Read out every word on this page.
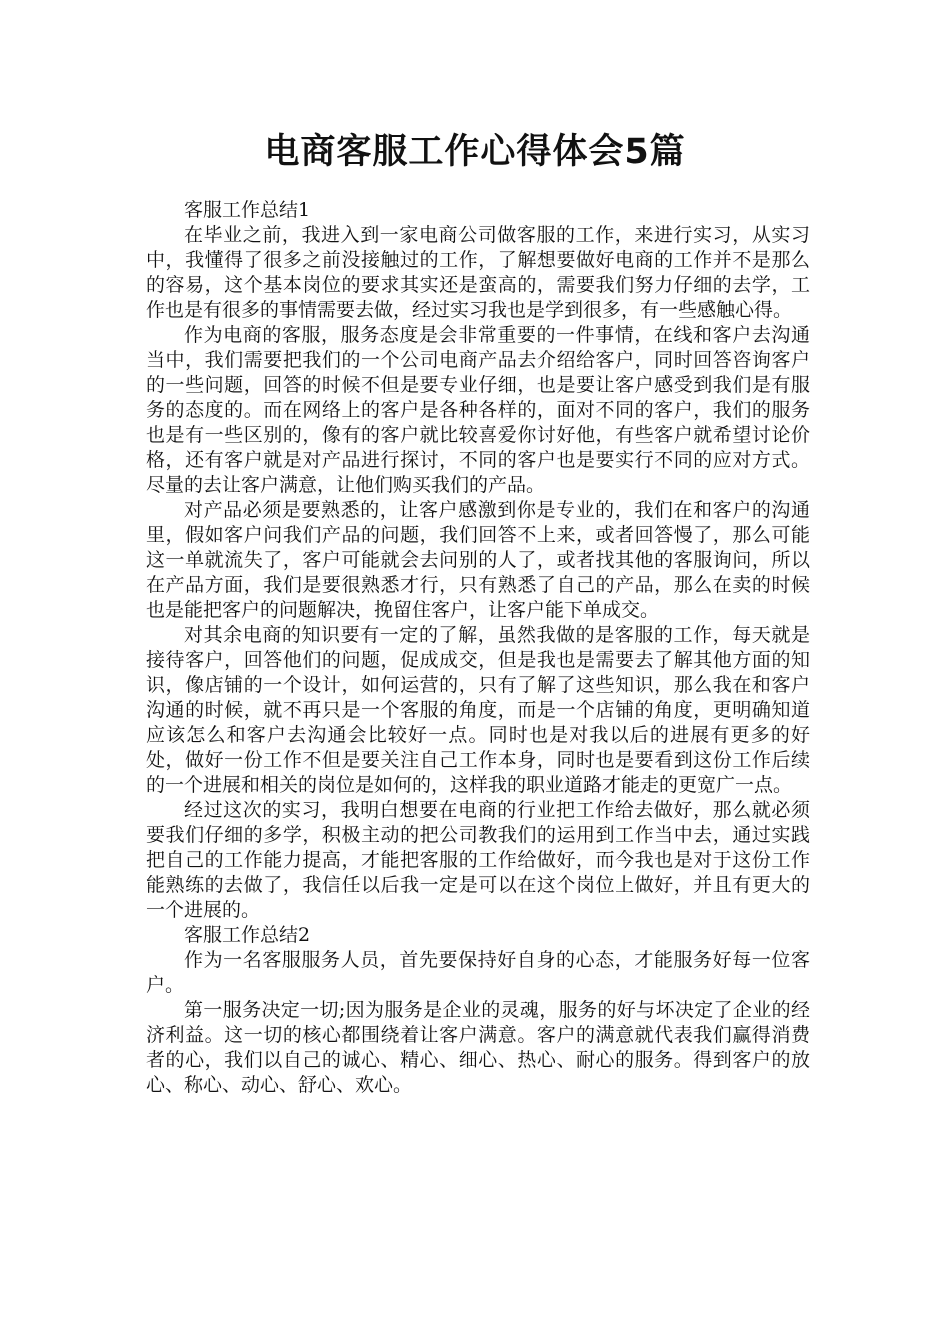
电商客服工作心得体会5篇

客服工作总结1

在毕业之前，我进入到一家电商公司做客服的工作，来进行实习，从实习中，我懂得了很多之前没接触过的工作，了解想要做好电商的工作并不是那么的容易，这个基本岗位的要求其实还是蛮高的，需要我们努力仔细的去学，工作也是有很多的事情需要去做，经过实习我也是学到很多，有一些感触心得。

作为电商的客服，服务态度是会非常重要的一件事情，在线和客户去沟通当中，我们需要把我们的一个公司电商产品去介绍给客户，同时回答咨询客户的一些问题，回答的时候不但是要专业仔细，也是要让客户感受到我们是有服务的态度的。而在网络上的客户是各种各样的，面对不同的客户，我们的服务也是有一些区别的，像有的客户就比较喜爱你讨好他，有些客户就希望讨论价格，还有客户就是对产品进行探讨，不同的客户也是要实行不同的应对方式。尽量的去让客户满意，让他们购买我们的产品。

对产品必须是要熟悉的，让客户感激到你是专业的，我们在和客户的沟通里，假如客户问我们产品的问题，我们回答不上来，或者回答慢了，那么可能这一单就流失了，客户可能就会去问别的人了，或者找其他的客服询问，所以在产品方面，我们是要很熟悉才行，只有熟悉了自己的产品，那么在卖的时候也是能把客户的问题解决，挽留住客户，让客户能下单成交。

对其余电商的知识要有一定的了解，虽然我做的是客服的工作，每天就是接待客户，回答他们的问题，促成成交，但是我也是需要去了解其他方面的知识，像店铺的一个设计，如何运营的，只有了解了这些知识，那么我在和客户沟通的时候，就不再只是一个客服的角度，而是一个店铺的角度，更明确知道应该怎么和客户去沟通会比较好一点。同时也是对我以后的进展有更多的好处，做好一份工作不但是要关注自己工作本身，同时也是要看到这份工作后续的一个进展和相关的岗位是如何的，这样我的职业道路才能走的更宽广一点。

经过这次的实习，我明白想要在电商的行业把工作给去做好，那么就必须要我们仔细的多学，积极主动的把公司教我们的运用到工作当中去，通过实践把自己的工作能力提高，才能把客服的工作给做好，而今我也是对于这份工作能熟练的去做了，我信任以后我一定是可以在这个岗位上做好，并且有更大的一个进展的。

客服工作总结2

作为一名客服服务人员，首先要保持好自身的心态，才能服务好每一位客户。

第一服务决定一切;因为服务是企业的灵魂，服务的好与坏决定了企业的经济利益。这一切的核心都围绕着让客户满意。客户的满意就代表我们赢得消费者的心，我们以自己的诚心、精心、细心、热心、耐心的服务。得到客户的放心、称心、动心、舒心、欢心。
